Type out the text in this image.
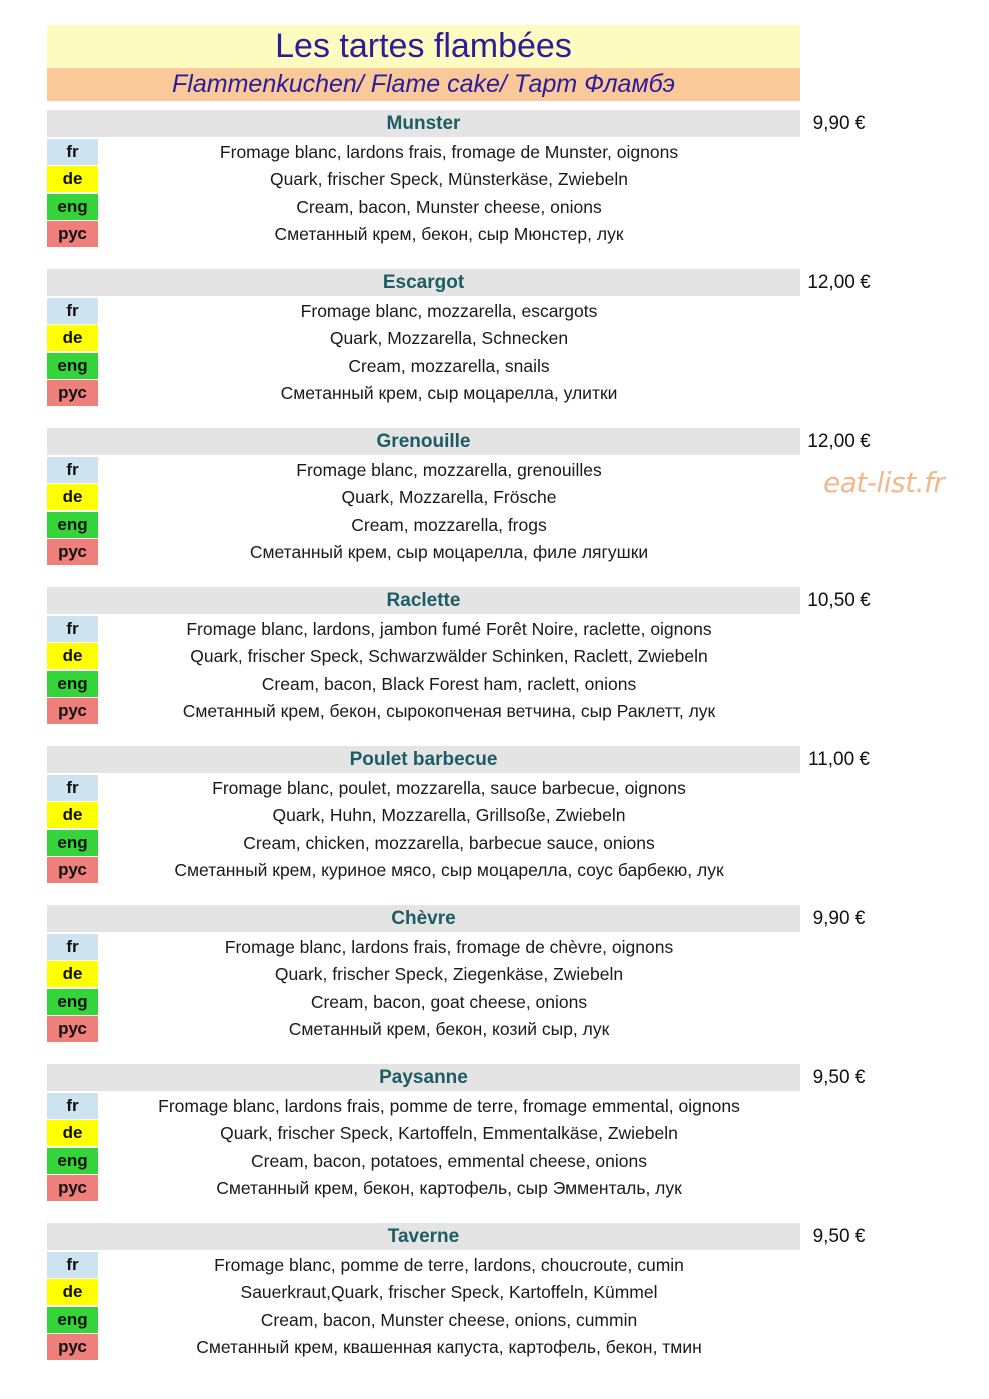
Les tartes flambées
Flammenkuchen/ Flame cake/ Тарт Фламбэ
Munster	9,90 €
fr	Fromage blanc, lardons frais, fromage de Munster, oignons
de	Quark, frischer Speck, Münsterkäse, Zwiebeln
eng	Cream, bacon, Munster cheese, onions
рус	Сметанный крем, бекон, сыр Мюнстер, лук
Escargot	12,00 €
fr	Fromage blanc, mozzarella, escargots
de	Quark, Mozzarella, Schnecken
eng	Cream, mozzarella, snails
рус	Сметанный крем, сыр моцарелла, улитки
Grenouille	12,00 €
fr	Fromage blanc, mozzarella, grenouilles
de	Quark, Mozzarella, Frösche
eng	Cream, mozzarella, frogs
рус	Сметанный крем, сыр моцарелла, филе лягушки
Raclette	10,50 €
fr	Fromage blanc, lardons, jambon fumé Forêt Noire, raclette, oignons
de	Quark, frischer Speck, Schwarzwälder Schinken, Raclett, Zwiebeln
eng	Cream, bacon, Black Forest ham, raclett, onions
рус	Сметанный крем, бекон, сырокопченая ветчина, сыр Раклетт, лук
Poulet barbecue	11,00 €
fr	Fromage blanc, poulet, mozzarella, sauce barbecue, oignons
de	Quark, Huhn, Mozzarella, Grillsoße, Zwiebeln
eng	Cream, chicken, mozzarella, barbecue sauce, onions
рус	Сметанный крем, куриное мясо, сыр моцарелла, соус барбекю, лук
Chèvre	9,90 €
fr	Fromage blanc, lardons frais, fromage de chèvre, oignons
de	Quark, frischer Speck, Ziegenkäse, Zwiebeln
eng	Cream, bacon, goat cheese, onions
рус	Сметанный крем, бекон, козий сыр, лук
Paysanne	9,50 €
fr	Fromage blanc, lardons frais, pomme de terre, fromage emmental, oignons
de	Quark, frischer Speck, Kartoffeln, Emmentalkäse, Zwiebeln
eng	Cream, bacon, potatoes, emmental cheese, onions
рус	Сметанный крем, бекон, картофель, сыр Эмменталь, лук
Taverne	9,50 €
fr	Fromage blanc, pomme de terre, lardons, choucroute, cumin
de	Sauerkraut,Quark, frischer Speck, Kartoffeln, Kümmel
eng	Cream, bacon, Munster cheese, onions, cummin
рус	Сметанный крем, квашенная капуста, картофель, бекон, тмин
eat-list.fr
